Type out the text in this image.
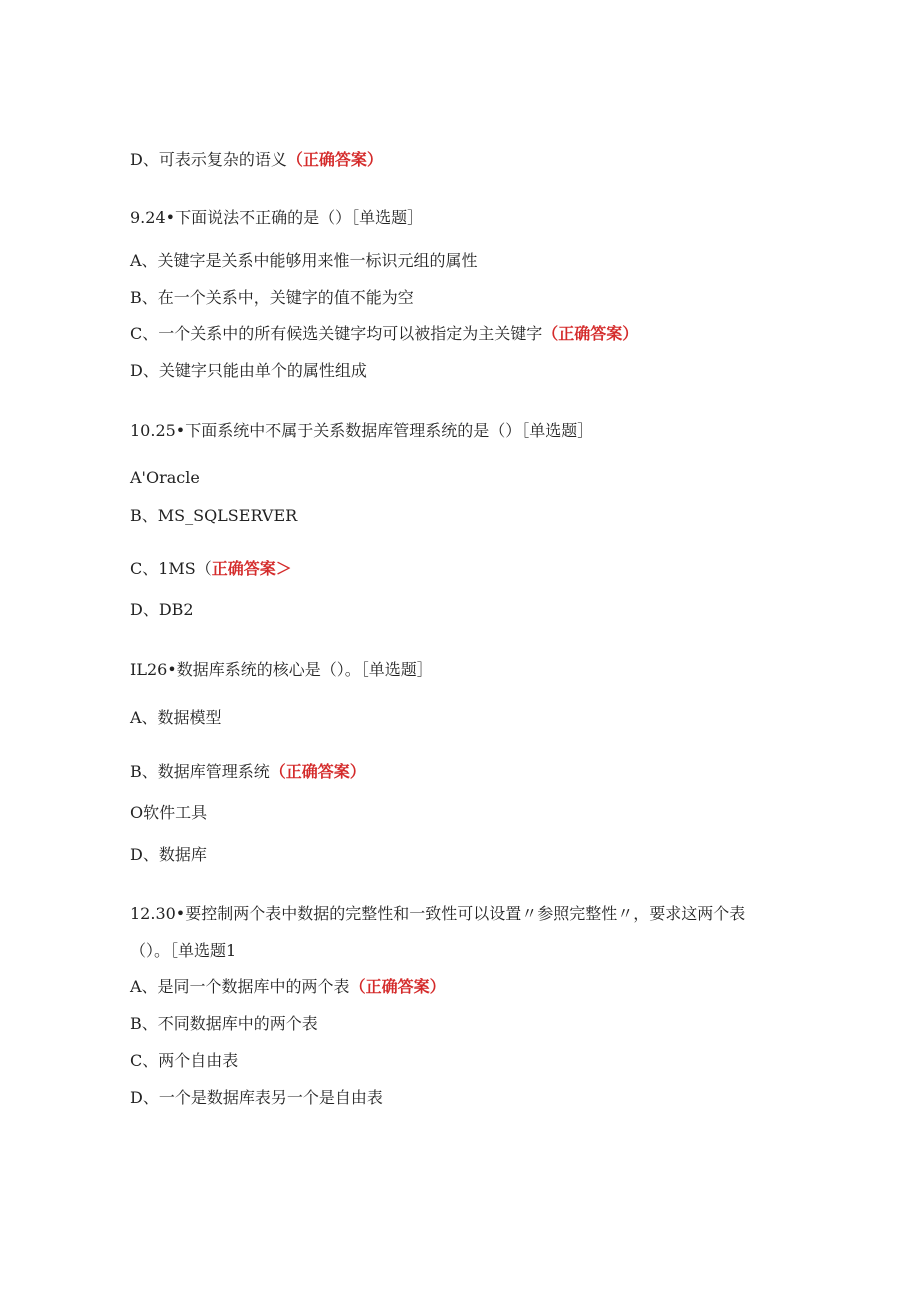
D、可表示复杂的语义（正确答案）
9.24•下面说法不正确的是（）［单选题］
A、关键字是关系中能够用来惟一标识元组的属性
B、在一个关系中，关键字的值不能为空
C、一个关系中的所有候选关键字均可以被指定为主关键字（正确答案）
D、关键字只能由单个的属性组成
10.25•下面系统中不属于关系数据库管理系统的是（）［单选题］
A'Oracle
B、MS_SQLSERVER
C、1MS（正确答案＞
D、DB2
IL26•数据库系统的核心是（）。［单选题］
A、数据模型
B、数据库管理系统（正确答案）
O软件工具
D、数据库
12.30•要控制两个表中数据的完整性和一致性可以设置〃参照完整性〃，要求这两个表
（）。［单选题1
A、是同一个数据库中的两个表（正确答案）
B、不同数据库中的两个表
C、两个自由表
D、一个是数据库表另一个是自由表
